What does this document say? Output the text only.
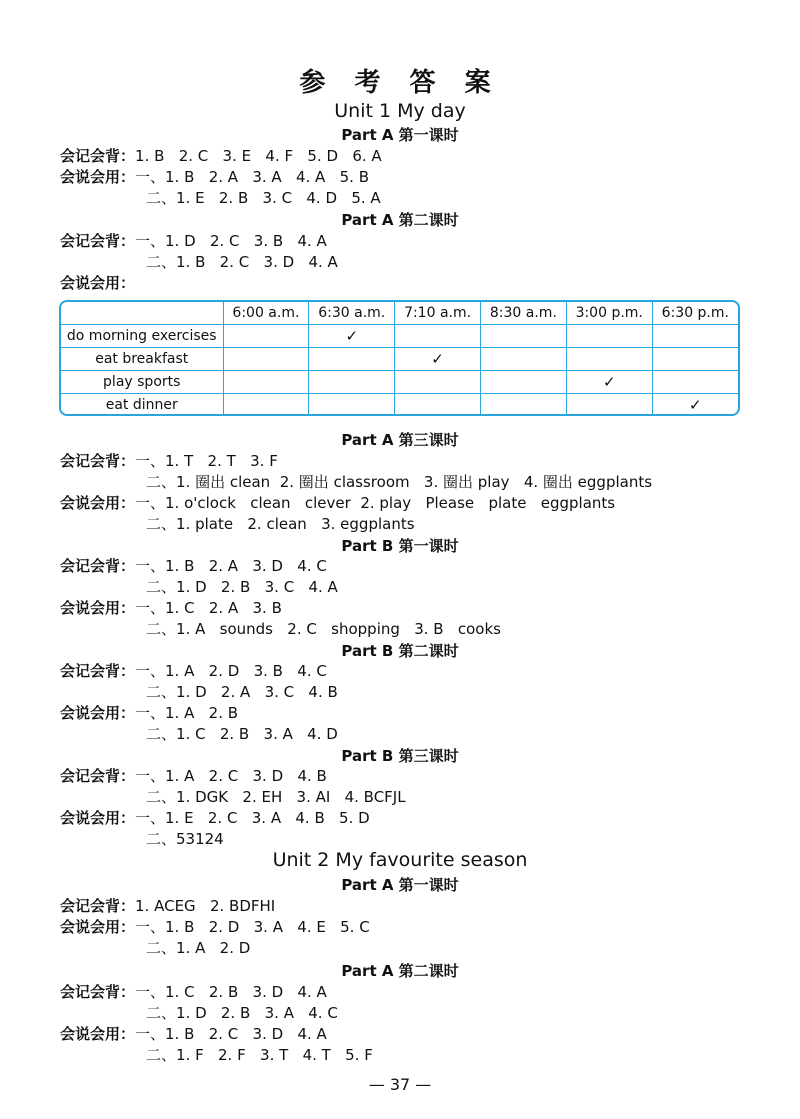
参 考 答 案
Unit 1 My day
Part A 第一课时
会记会背：1. B   2. C   3. E   4. F   5. D   6. A
会说会用：一、1. B   2. A   3. A   4. A   5. B
二、1. E   2. B   3. C   4. D   5. A
Part A 第二课时
会记会背：一、1. D   2. C   3. B   4. A
二、1. B   2. C   3. D   4. A
会说会用：
	6:00 a.m.	6:30 a.m.	7:10 a.m.	8:30 a.m.	3:00 p.m.	6:30 p.m.
do morning exercises		✓				
eat breakfast			✓			
play sports					✓	
eat dinner						✓
Part A 第三课时
会记会背：一、1. T   2. T   3. F
二、1. 圈出 clean  2. 圈出 classroom   3. 圈出 play   4. 圈出 eggplants
会说会用：一、1. o'clock   clean   clever  2. play   Please   plate   eggplants
二、1. plate   2. clean   3. eggplants
Part B 第一课时
会记会背：一、1. B   2. A   3. D   4. C
二、1. D   2. B   3. C   4. A
会说会用：一、1. C   2. A   3. B
二、1. A   sounds   2. C   shopping   3. B   cooks
Part B 第二课时
会记会背：一、1. A   2. D   3. B   4. C
二、1. D   2. A   3. C   4. B
会说会用：一、1. A   2. B
二、1. C   2. B   3. A   4. D
Part B 第三课时
会记会背：一、1. A   2. C   3. D   4. B
二、1. DGK   2. EH   3. AI   4. BCFJL
会说会用：一、1. E   2. C   3. A   4. B   5. D
二、53124
Unit 2 My favourite season
Part A 第一课时
会记会背：1. ACEG   2. BDFHI
会说会用：一、1. B   2. D   3. A   4. E   5. C
二、1. A   2. D
Part A 第二课时
会记会背：一、1. C   2. B   3. D   4. A
二、1. D   2. B   3. A   4. C
会说会用：一、1. B   2. C   3. D   4. A
二、1. F   2. F   3. T   4. T   5. F
— 37 —
